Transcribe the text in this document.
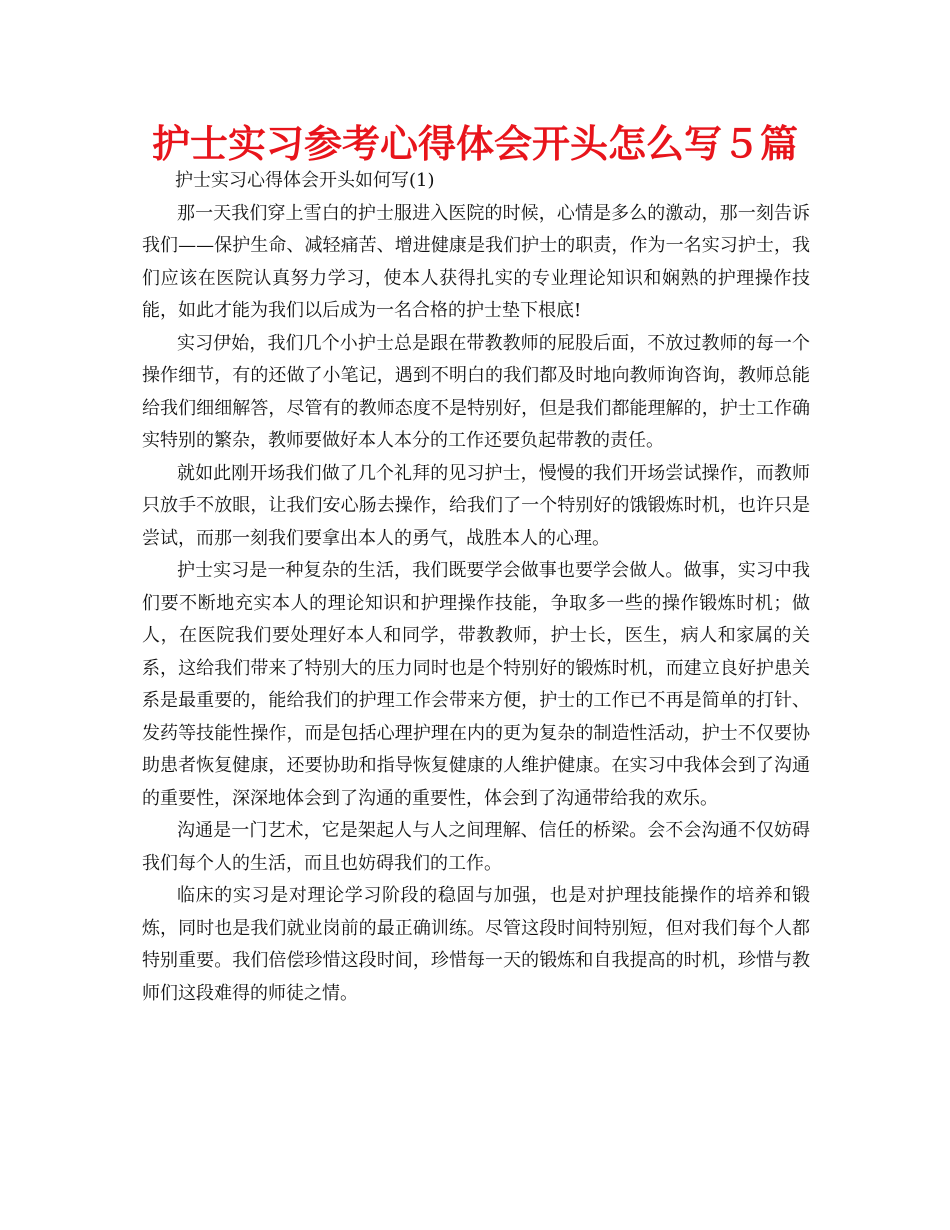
护士实习参考心得体会开头怎么写５篇

护士实习心得体会开头如何写(1)

那一天我们穿上雪白的护士服进入医院的时候，心情是多么的激动，那一刻告诉我们——保护生命、减轻痛苦、增进健康是我们护士的职责，作为一名实习护士，我们应该在医院认真努力学习，使本人获得扎实的专业理论知识和娴熟的护理操作技能，如此才能为我们以后成为一名合格的护士垫下根底!

实习伊始，我们几个小护士总是跟在带教教师的屁股后面，不放过教师的每一个操作细节，有的还做了小笔记，遇到不明白的我们都及时地向教师询咨询，教师总能给我们细细解答，尽管有的教师态度不是特别好，但是我们都能理解的，护士工作确实特别的繁杂，教师要做好本人本分的工作还要负起带教的责任。

就如此刚开场我们做了几个礼拜的见习护士，慢慢的我们开场尝试操作，而教师只放手不放眼，让我们安心肠去操作，给我们了一个特别好的饿锻炼时机，也许只是尝试，而那一刻我们要拿出本人的勇气，战胜本人的心理。

护士实习是一种复杂的生活，我们既要学会做事也要学会做人。做事，实习中我们要不断地充实本人的理论知识和护理操作技能，争取多一些的操作锻炼时机；做人，在医院我们要处理好本人和同学，带教教师，护士长，医生，病人和家属的关系，这给我们带来了特别大的压力同时也是个特别好的锻炼时机，而建立良好护患关系是最重要的，能给我们的护理工作会带来方便，护士的工作已不再是简单的打针、发药等技能性操作，而是包括心理护理在内的更为复杂的制造性活动，护士不仅要协助患者恢复健康，还要协助和指导恢复健康的人维护健康。在实习中我体会到了沟通的重要性，深深地体会到了沟通的重要性，体会到了沟通带给我的欢乐。

沟通是一门艺术，它是架起人与人之间理解、信任的桥梁。会不会沟通不仅妨碍我们每个人的生活，而且也妨碍我们的工作。

临床的实习是对理论学习阶段的稳固与加强，也是对护理技能操作的培养和锻炼，同时也是我们就业岗前的最正确训练。尽管这段时间特别短，但对我们每个人都特别重要。我们倍偿珍惜这段时间，珍惜每一天的锻炼和自我提高的时机，珍惜与教师们这段难得的师徒之情。
